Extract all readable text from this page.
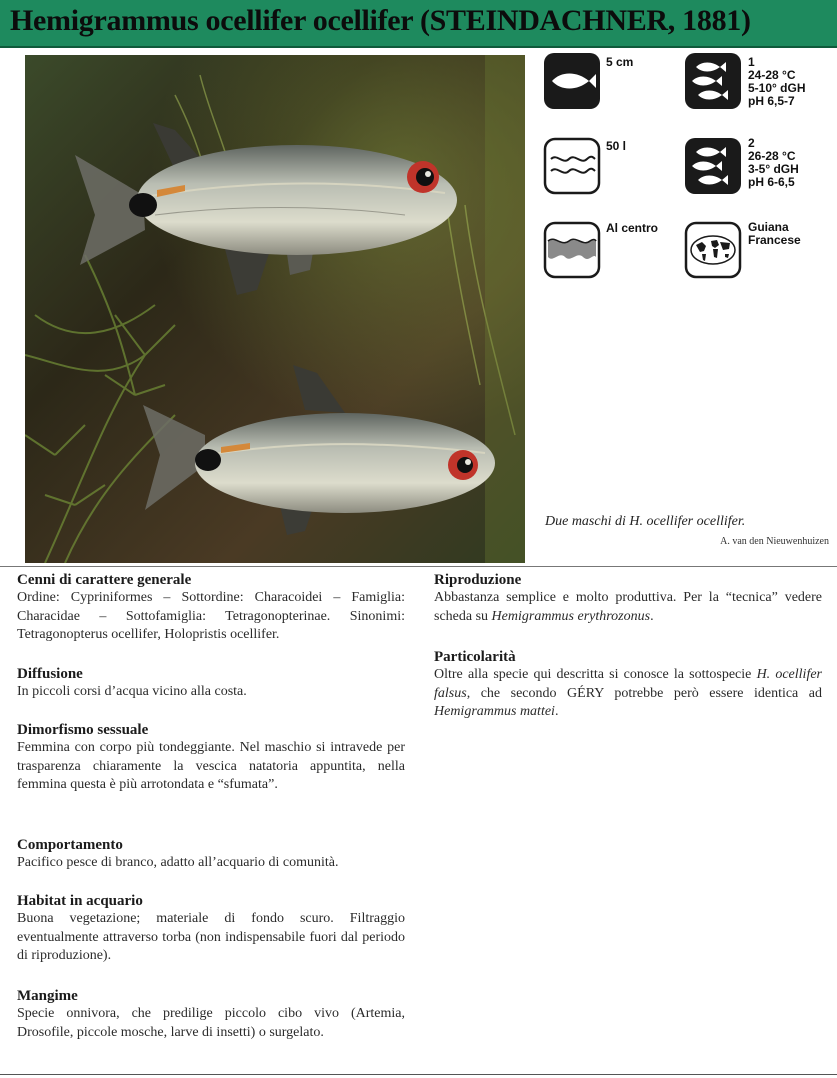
Hemigrammus ocellifer ocellifer (STEINDACHNER, 1881)
5 cm	1
24-28 °C
5-10° dGH
pH 6,5-7
50 l	2
26-28 °C
3-5° dGH
pH 6-6,5
Al centro	Guiana
Francese

Due maschi di H. ocellifer ocellifer.

A. van den Nieuwenhuizen

Cenni di carattere generale

Ordine: Cypriniformes – Sottordine: Characoidei – Famiglia: Characidae – Sottofamiglia: Tetragonopterinae. Sinonimi: Tetragonopterus ocellifer, Holopristis ocellifer.

Diffusione

In piccoli corsi d’acqua vicino alla costa.

Dimorfismo sessuale

Femmina con corpo più tondeggiante. Nel maschio si intravede per trasparenza chiaramente la vescica natatoria appuntita, nella femmina questa è più arrotondata e “sfumata”.

Comportamento

Pacifico pesce di branco, adatto all’acquario di comunità.

Habitat in acquario

Buona vegetazione; materiale di fondo scuro. Filtraggio eventualmente attraverso torba (non indispensabile fuori dal periodo di riproduzione).

Mangime

Specie onnivora, che predilige piccolo cibo vivo (Artemia, Drosofile, piccole mosche, larve di insetti) o surgelato.

Riproduzione

Abbastanza semplice e molto produttiva. Per la “tecnica” vedere scheda su Hemigrammus erythrozonus.

Particolarità

Oltre alla specie qui descritta si conosce la sottospecie H. ocellifer falsus, che secondo GÉRY potrebbe però essere identica ad Hemigrammus mattei.
